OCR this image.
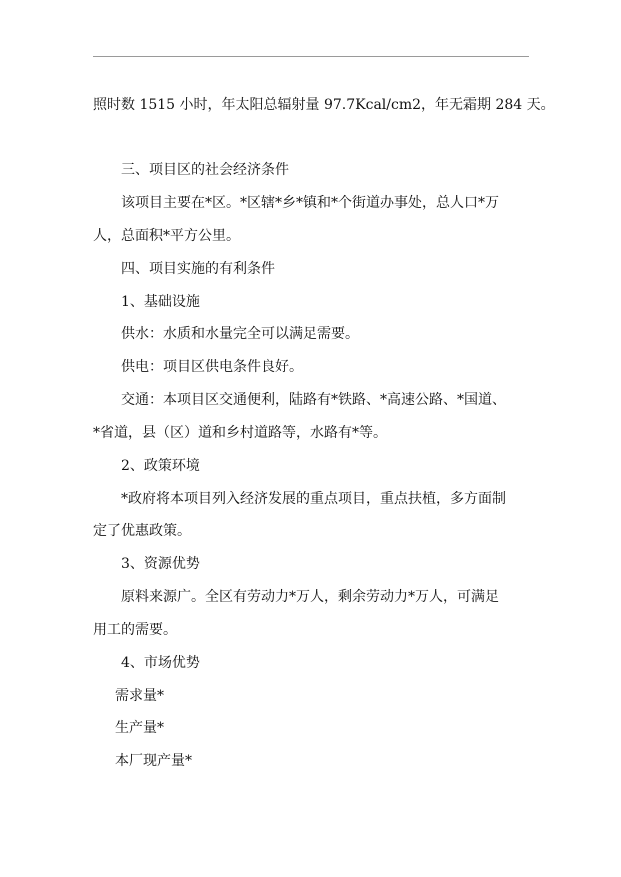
照时数 1515 小时，年太阳总辐射量 97.7Kcal/cm2，年无霜期 284 天。
三、项目区的社会经济条件
该项目主要在*区。*区辖*乡*镇和*个街道办事处，总人口*万
人，总面积*平方公里。
四、项目实施的有利条件
1、基础设施
供水：水质和水量完全可以满足需要。
供电：项目区供电条件良好。
交通：本项目区交通便利，陆路有*铁路、*高速公路、*国道、
*省道，县（区）道和乡村道路等，水路有*等。
2、政策环境
*政府将本项目列入经济发展的重点项目，重点扶植，多方面制
定了优惠政策。
3、资源优势
原料来源广。全区有劳动力*万人，剩余劳动力*万人，可满足
用工的需要。
4、市场优势
需求量*
生产量*
本厂现产量*
